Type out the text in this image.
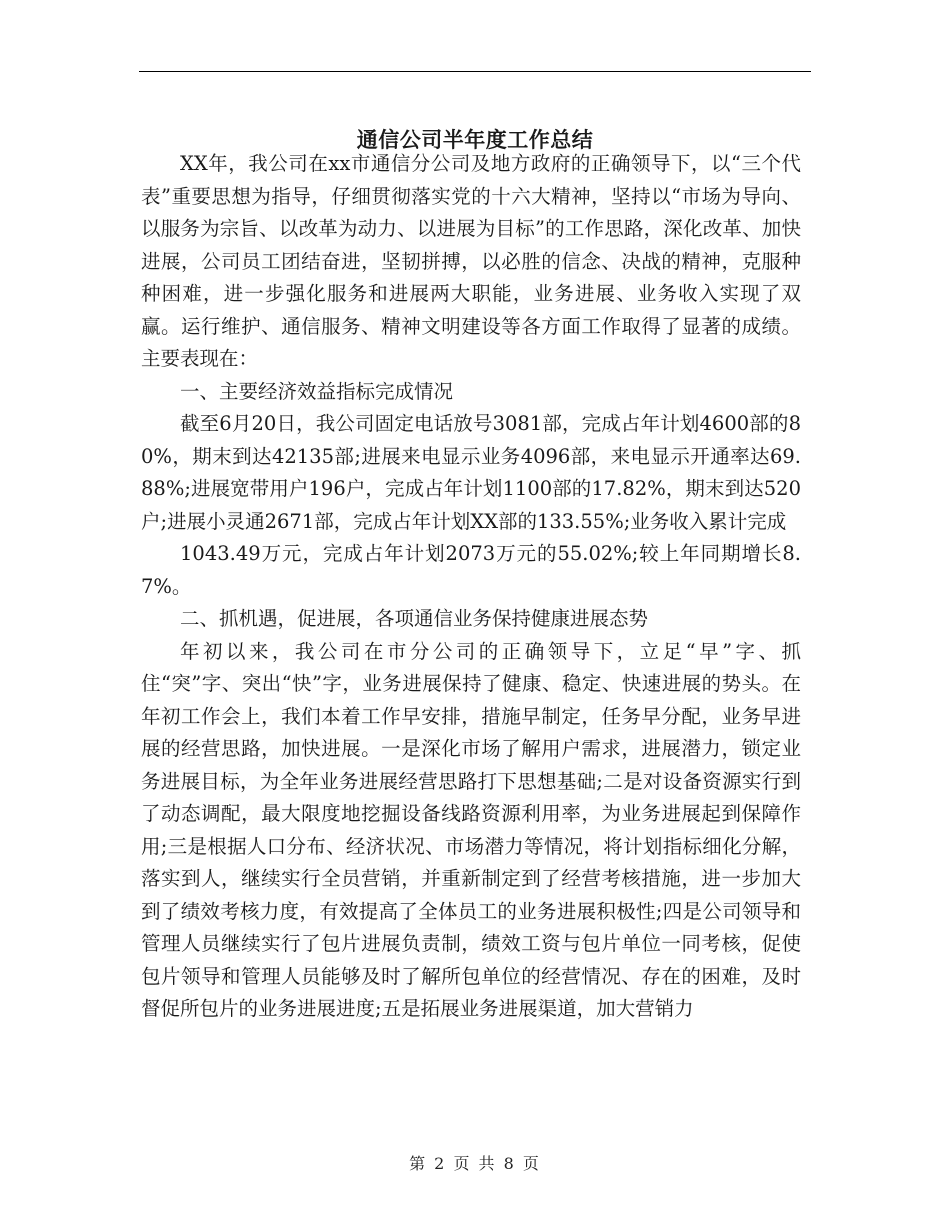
通信公司半年度工作总结

XX年，我公司在xx市通信分公司及地方政府的正确领导下，以“三个代表”重要思想为指导，仔细贯彻落实党的十六大精神，坚持以“市场为导向、以服务为宗旨、以改革为动力、以进展为目标”的工作思路，深化改革、加快进展，公司员工团结奋进，坚韧拼搏，以必胜的信念、决战的精神，克服种种困难，进一步强化服务和进展两大职能，业务进展、业务收入实现了双赢。运行维护、通信服务、精神文明建设等各方面工作取得了显著的成绩。主要表现在：

一、主要经济效益指标完成情况

截至6月20日，我公司固定电话放号3081部，完成占年计划4600部的80%，期末到达42135部;进展来电显示业务4096部，来电显示开通率达69.88%;进展宽带用户196户，完成占年计划1100部的17.82%，期末到达520户;进展小灵通2671部，完成占年计划XX部的133.55%;业务收入累计完成

1043.49万元，完成占年计划2073万元的55.02%;较上年同期增长8.7%。

二、抓机遇，促进展，各项通信业务保持健康进展态势

年初以来，我公司在市分公司的正确领导下，立足“早”字、抓住“突”字、突出“快”字，业务进展保持了健康、稳定、快速进展的势头。在年初工作会上，我们本着工作早安排，措施早制定，任务早分配，业务早进展的经营思路，加快进展。一是深化市场了解用户需求，进展潜力，锁定业务进展目标，为全年业务进展经营思路打下思想基础;二是对设备资源实行到了动态调配，最大限度地挖掘设备线路资源利用率，为业务进展起到保障作用;三是根据人口分布、经济状况、市场潜力等情况，将计划指标细化分解，落实到人，继续实行全员营销，并重新制定到了经营考核措施，进一步加大到了绩效考核力度，有效提高了全体员工的业务进展积极性;四是公司领导和管理人员继续实行了包片进展负责制，绩效工资与包片单位一同考核，促使包片领导和管理人员能够及时了解所包单位的经营情况、存在的困难，及时督促所包片的业务进展进度;五是拓展业务进展渠道，加大营销力

第 2 页 共 8 页
